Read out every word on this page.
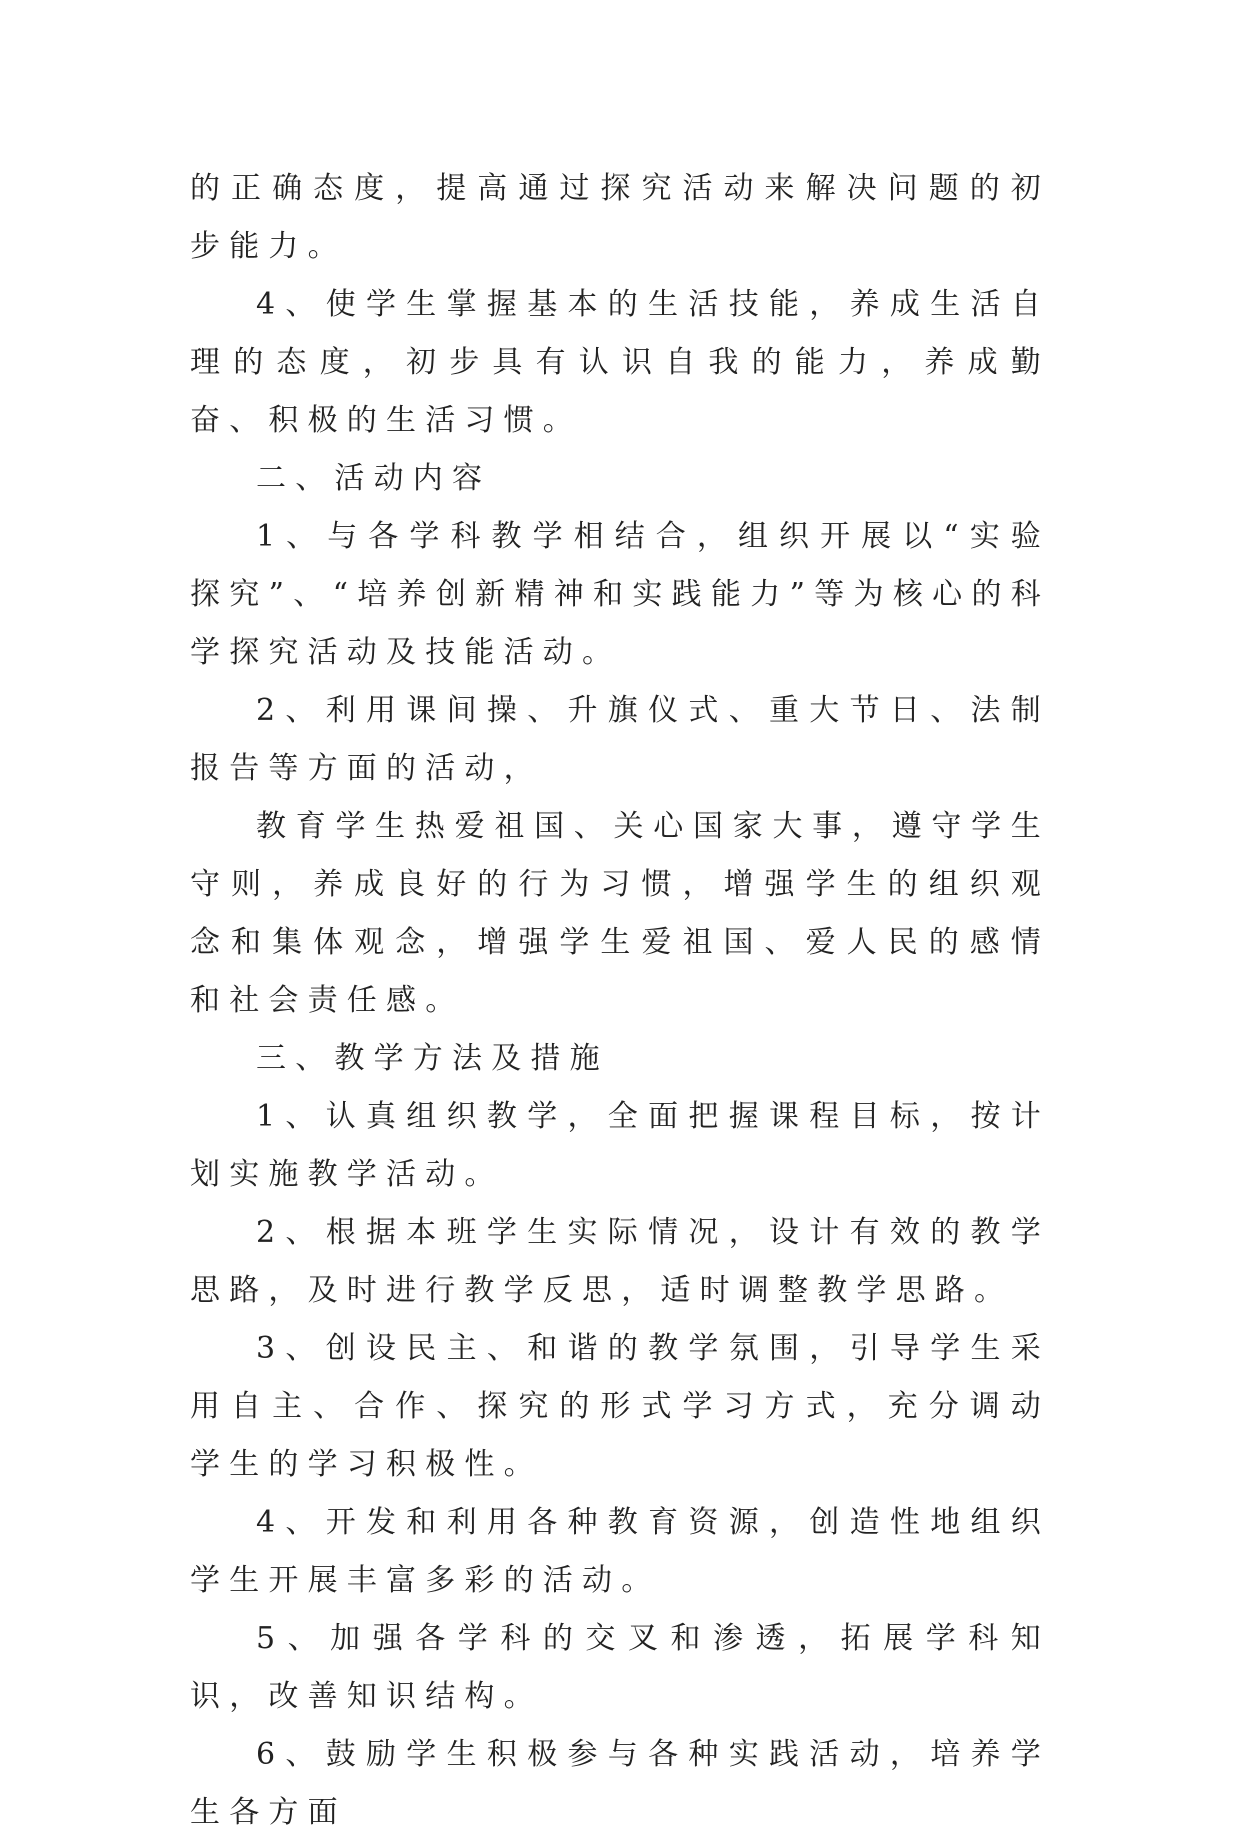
的正确态度，提高通过探究活动来解决问题的初步能力。

4、使学生掌握基本的生活技能，养成生活自理的态度，初步具有认识自我的能力，养成勤奋、积极的生活习惯。

二、活动内容

1、与各学科教学相结合，组织开展以“实验探究”、“培养创新精神和实践能力”等为核心的科学探究活动及技能活动。

2、利用课间操、升旗仪式、重大节日、法制报告等方面的活动，

教育学生热爱祖国、关心国家大事，遵守学生守则，养成良好的行为习惯，增强学生的组织观念和集体观念，增强学生爱祖国、爱人民的感情和社会责任感。

三、教学方法及措施

1、认真组织教学，全面把握课程目标，按计划实施教学活动。

2、根据本班学生实际情况，设计有效的教学思路，及时进行教学反思，适时调整教学思路。

3、创设民主、和谐的教学氛围，引导学生采用自主、合作、探究的形式学习方式，充分调动学生的学习积极性。

4、开发和利用各种教育资源，创造性地组织学生开展丰富多彩的活动。

5、加强各学科的交叉和渗透，拓展学科知识，改善知识结构。

6、鼓励学生积极参与各种实践活动，培养学生各方面
